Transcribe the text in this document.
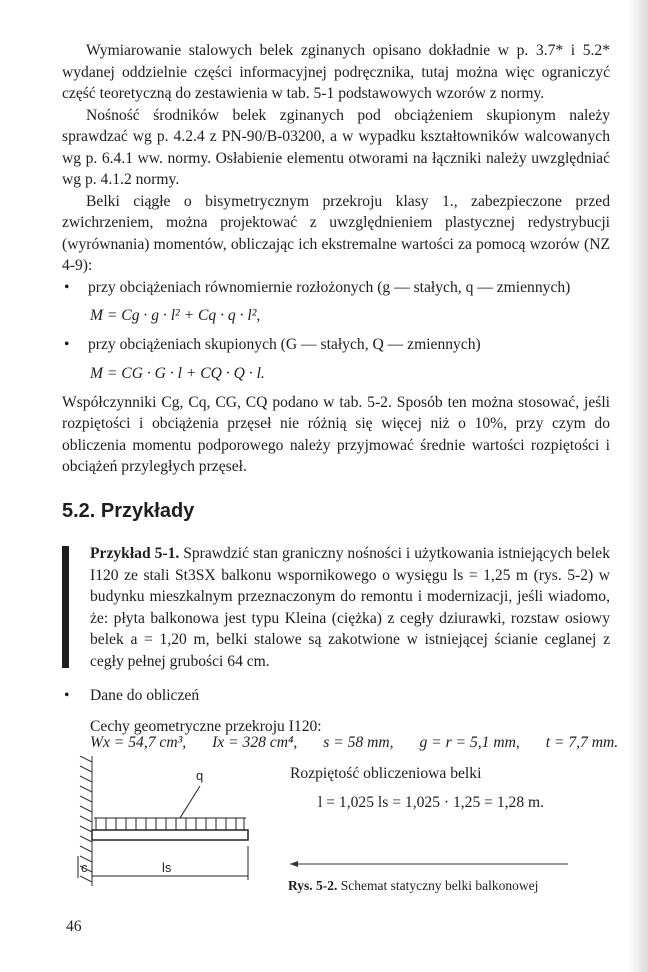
Wymiarowanie stalowych belek zginanych opisano dokładnie w p. 3.7* i 5.2* wydanej oddzielnie części informacyjnej podręcznika, tutaj można więc ograniczyć część teoretyczną do zestawienia w tab. 5-1 podstawowych wzorów z normy.

Nośność środników belek zginanych pod obciążeniem skupionym należy sprawdzać wg p. 4.2.4 z PN-90/B-03200, a w wypadku kształtowników walcowanych wg p. 6.4.1 ww. normy. Osłabienie elementu otworami na łączniki należy uwzględniać wg p. 4.1.2 normy.

Belki ciągłe o bisymetrycznym przekroju klasy 1., zabezpieczone przed zwichrzeniem, można projektować z uwzględnieniem plastycznej redystrybucji (wyrównania) momentów, obliczając ich ekstremalne wartości za pomocą wzorów (NZ 4-9):

• przy obciążeniach równomiernie rozłożonych (g — stałych, q — zmiennych)

M = Cg · g · l² + Cq · q · l²,

• przy obciążeniach skupionych (G — stałych, Q — zmiennych)

M = CG · G · l + CQ · Q · l.

Współczynniki Cg, Cq, CG, CQ podano w tab. 5-2. Sposób ten można stosować, jeśli rozpiętości i obciążenia przęseł nie różnią się więcej niż o 10%, przy czym do obliczenia momentu podporowego należy przyjmować średnie wartości rozpiętości i obciążeń przyległych przęseł.

5.2. Przykłady

Przykład 5-1. Sprawdzić stan graniczny nośności i użytkowania istniejących belek I120 ze stali St3SX balkonu wspornikowego o wysięgu ls = 1,25 m (rys. 5-2) w budynku mieszkalnym przeznaczonym do remontu i modernizacji, jeśli wiadomo, że: płyta balkonowa jest typu Kleina (ciężka) z cegły dziurawki, rozstaw osiowy belek a = 1,20 m, belki stalowe są zakotwione w istniejącej ścianie ceglanej z cegły pełnej grubości 64 cm.

• Dane do obliczeń

Cechy geometryczne przekroju I120:
Wx = 54,7 cm³, Ix = 328 cm⁴, s = 58 mm, g = r = 5,1 mm, t = 7,7 mm.
Rozpiętość obliczeniowa belki
l = 1,025 ls = 1,025 · 1,25 = 1,28 m.
q
c	ls
Rys. 5-2. Schemat statyczny belki balkonowej
46
